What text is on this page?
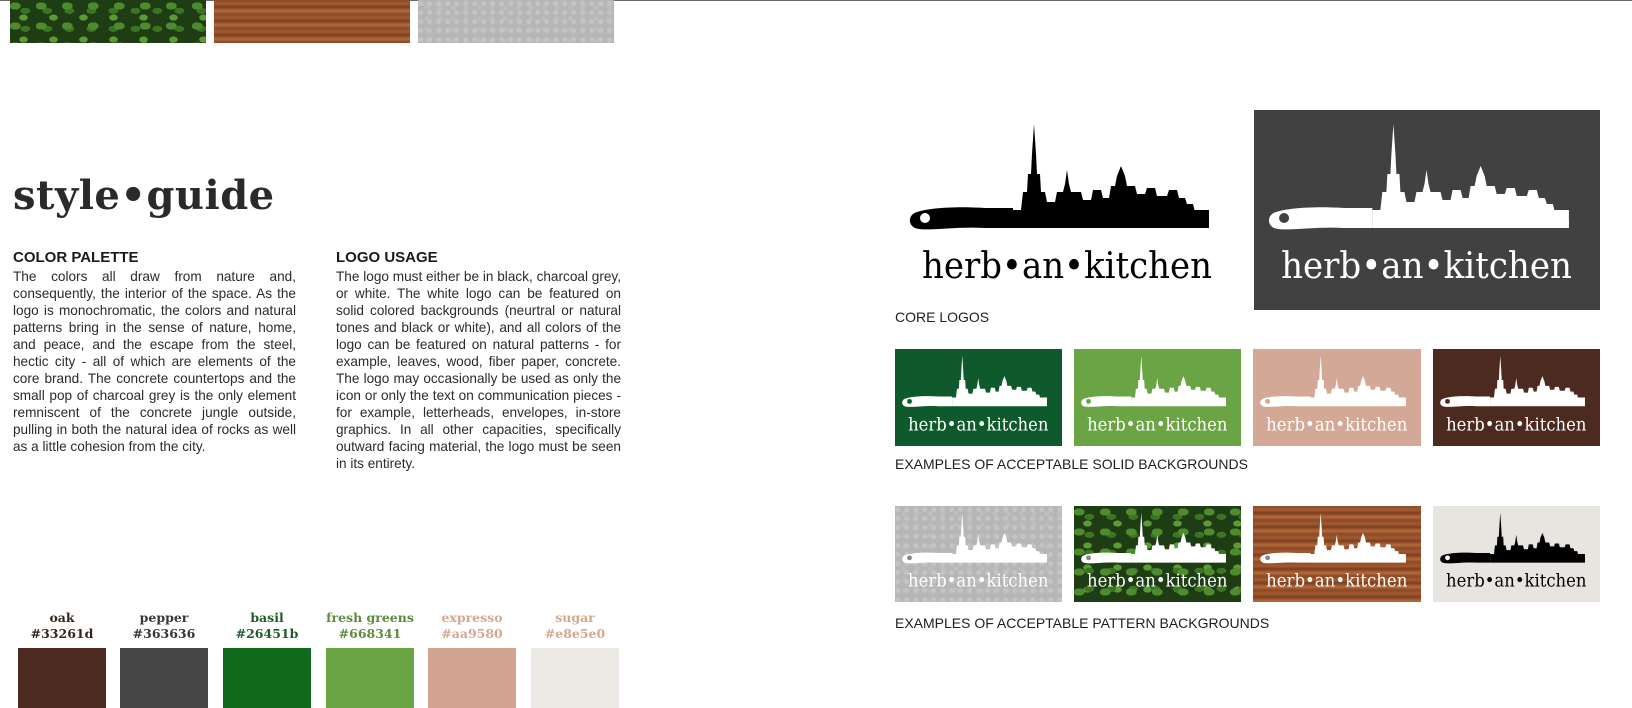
style•guide
COLOR PALETTE

The colors all draw from nature and, consequently, the interior of the space. As the logo is monochromatic, the colors and natural patterns bring in the sense of nature, home, and peace, and the escape from the steel, hectic city - all of which are elements of the core brand. The concrete countertops and the small pop of charcoal grey is the only element remniscent of the concrete jungle outside, pulling in both the natural idea of rocks as well as a little cohesion from the city.

LOGO USAGE

The logo must either be in black, charcoal grey, or white. The white logo can be featured on solid colored backgrounds (neurtral or natural tones and black or white), and all colors of the logo can be featured on natural patterns - for example, leaves, wood, fiber paper, concrete. The logo may occasionally be used as only the icon or only the text on communication pieces - for example, letterheads, envelopes, in-store graphics. In all other capacities, specifically outward facing material, the logo must be seen in its entirety.

oak
#33261d
pepper
#363636
basil
#26451b
fresh greens
#668341
expresso
#aa9580
sugar
#e8e5e0
herb•an•kitchen herb•an•kitchen

CORE LOGOS

herb•an•kitchen herb•an•kitchen herb•an•kitchen herb•an•kitchen

EXAMPLES OF ACCEPTABLE SOLID BACKGROUNDS

herb•an•kitchen herb•an•kitchen herb•an•kitchen herb•an•kitchen

EXAMPLES OF ACCEPTABLE PATTERN BACKGROUNDS
